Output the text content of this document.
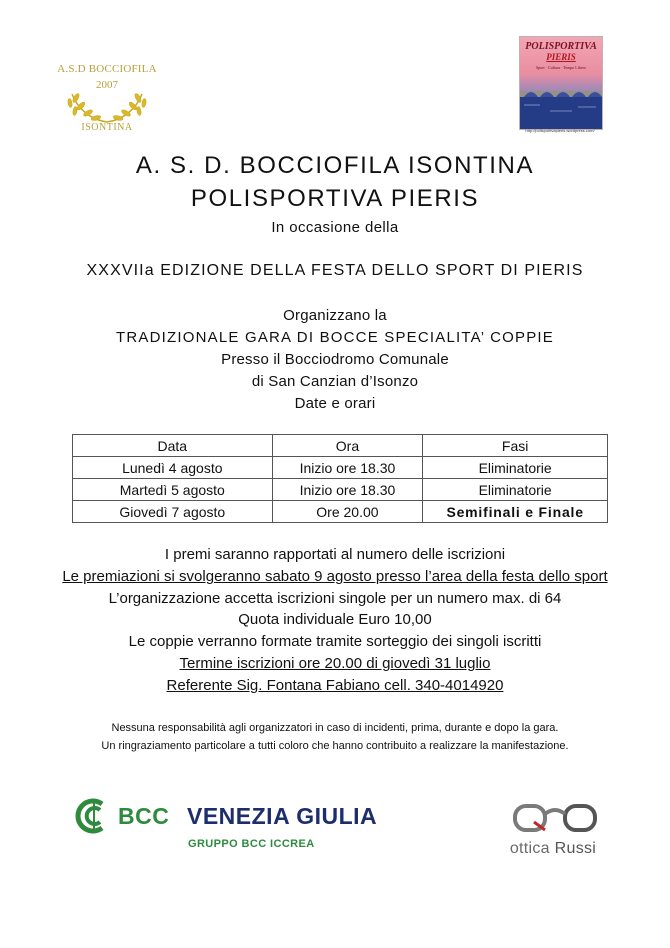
A.S.D BOCCIOFILA
2007
ISONTINA
POLISPORTIVA
PIERIS
Sport · Cultura · Tempo Libero
http://polisportivapieris.wordpress.com/
A. S. D. BOCCIOFILA ISONTINA
POLISPORTIVA PIERIS
In occasione della
XXXVIIa EDIZIONE DELLA FESTA DELLO SPORT DI PIERIS
Organizzano la
TRADIZIONALE GARA DI BOCCE SPECIALITA’ COPPIE
Presso il Bocciodromo Comunale
di San Canzian d’Isonzo
Date e orari
Data	Ora	Fasi
Lunedì 4 agosto	Inizio ore 18.30	Eliminatorie
Martedì 5 agosto	Inizio ore 18.30	Eliminatorie
Giovedì 7 agosto	Ore 20.00	Semifinali e Finale
I premi saranno rapportati al numero delle iscrizioni
Le premiazioni si svolgeranno sabato 9 agosto presso l’area della festa dello sport
L’organizzazione accetta iscrizioni singole per un numero max. di 64
Quota individuale Euro 10,00
Le coppie verranno formate tramite sorteggio dei singoli iscritti
Termine iscrizioni ore 20.00 di giovedì 31 luglio
Referente Sig. Fontana Fabiano cell. 340-4014920
Nessuna responsabilità agli organizzatori in caso di incidenti, prima, durante e dopo la gara.
Un ringraziamento particolare a tutti coloro che hanno contribuito a realizzare la manifestazione.
BCC VENEZIA GIULIA
GRUPPO BCC ICCREA	ottica Russi
